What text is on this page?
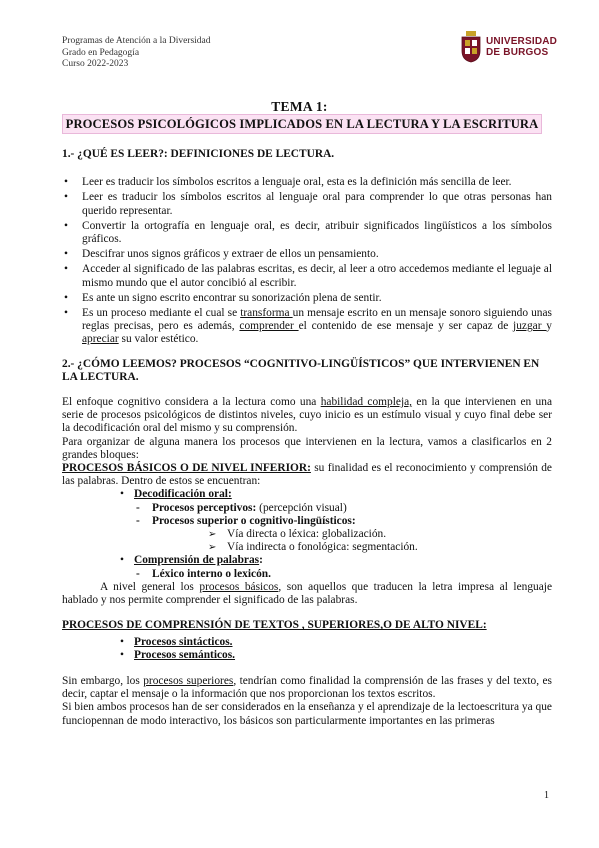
Programas de Atención a la Diversidad
Grado en Pedagogía
Curso 2022-2023
UNIVERSIDAD
DE BURGOS
TEMA 1:
PROCESOS PSICOLÓGICOS IMPLICADOS EN LA LECTURA Y LA ESCRITURA
1.- ¿QUÉ ES LEER?: DEFINICIONES DE LECTURA.
• Leer es traducir los símbolos escritos a lenguaje oral, esta es la definición más sencilla de leer.
• Leer es traducir los símbolos escritos al lenguaje oral para comprender lo que otras personas han querido representar.
• Convertir la ortografía en lenguaje oral, es decir, atribuir significados lingüísticos a los símbolos gráficos.
• Descifrar unos signos gráficos y extraer de ellos un pensamiento.
• Acceder al significado de las palabras escritas, es decir, al leer a otro accedemos mediante el leguaje al mismo mundo que el autor concibió al escribir.
• Es ante un signo escrito encontrar su sonorización plena de sentir.
• Es un proceso mediante el cual se transforma un mensaje escrito en un mensaje sonoro siguiendo unas reglas precisas, pero es además, comprender el contenido de ese mensaje y ser capaz de juzgar y apreciar su valor estético.
2.- ¿CÓMO LEEMOS? PROCESOS “COGNITIVO-LINGÜÍSTICOS” QUE INTERVIENEN EN LA LECTURA.

El enfoque cognitivo considera a la lectura como una habilidad compleja, en la que intervienen en una serie de procesos psicológicos de distintos niveles, cuyo inicio es un estímulo visual y cuyo final debe ser la decodificación oral del mismo y su comprensión.

Para organizar de alguna manera los procesos que intervienen en la lectura, vamos a clasificarlos en 2 grandes bloques:

PROCESOS BÁSICOS O DE NIVEL INFERIOR: su finalidad es el reconocimiento y comprensión de las palabras. Dentro de estos se encuentran:

• Decodificación oral:

- Procesos perceptivos: (percepción visual)

- Procesos superior o cognitivo-lingüísticos:

➢ Vía directa o léxica: globalización.

➢ Vía indirecta o fonológica: segmentación.

• Comprensión de palabras:

- Léxico interno o lexicón.

A nivel general los procesos básicos, son aquellos que traducen la letra impresa al lenguaje hablado y nos permite comprender el significado de las palabras.

PROCESOS DE COMPRENSIÓN DE TEXTOS , SUPERIORES,O DE ALTO NIVEL:

• Procesos sintácticos.

• Procesos semánticos.

Sin embargo, los procesos superiores, tendrían como finalidad la comprensión de las frases y del texto, es decir, captar el mensaje o la información que nos proporcionan los textos escritos.

Si bien ambos procesos han de ser considerados en la enseñanza y el aprendizaje de la lectoescritura ya que funciopennan de modo interactivo, los básicos son particularmente importantes en las primeras

1
